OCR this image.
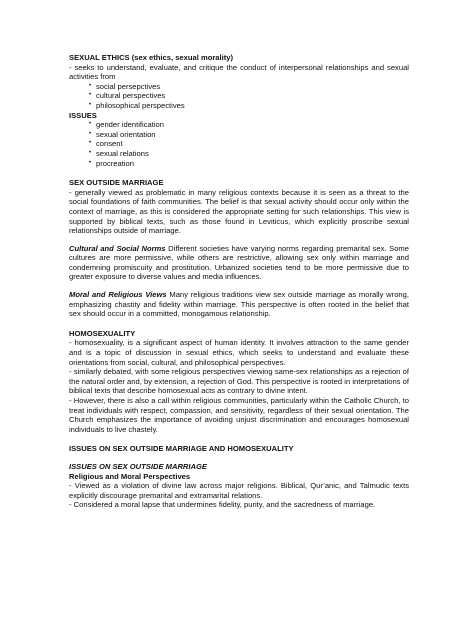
SEXUAL ETHICS (sex ethics, sexual morality)

- seeks to understand, evaluate, and critique the conduct of interpersonal relationships and sexual activities from

• social persepctives
• cultural perspectives
• philosophical perspectives

ISSUES

• gender identification
• sexual orientation
• consent
• sexual relations
• procreation

SEX OUTSIDE MARRIAGE

- generally viewed as problematic in many religious contexts because it is seen as a threat to the social foundations of faith communities. The belief is that sexual activity should occur only within the context of marriage, as this is considered the appropriate setting for such relationships. This view is supported by biblical texts, such as those found in Leviticus, which explicitly proscribe sexual relationships outside of marriage.

Cultural and Social Norms Different societies have varying norms regarding premarital sex. Some cultures are more permissive, while others are restrictive, allowing sex only within marriage and condemning promiscuity and prostitution. Urbanized societies tend to be more permissive due to greater exposure to diverse values and media influences.

Moral and Religious Views Many religious traditions view sex outside marriage as morally wrong, emphasizing chastity and fidelity within marriage. This perspective is often rooted in the belief that sex should occur in a committed, monogamous relationship.

HOMOSEXUALITY

- homosexuality, is a significant aspect of human identity. It involves attraction to the same gender and is a topic of discussion in sexual ethics, which seeks to understand and evaluate these orientations from social, cultural, and philosophical perspectives.

- similarly debated, with some religious perspectives viewing same-sex relationships as a rejection of the natural order and, by extension, a rejection of God. This perspective is rooted in interpretations of biblical texts that describe homosexual acts as contrary to divine intent.

- However, there is also a call within religious communities, particularly within the Catholic Church, to treat individuals with respect, compassion, and sensitivity, regardless of their sexual orientation. The Church emphasizes the importance of avoiding unjust discrimination and encourages homosexual individuals to live chastely.

ISSUES ON SEX OUTSIDE MARRIAGE AND HOMOSEXUALITY

ISSUES ON SEX OUTSIDE MARRIAGE

Religious and Moral Perspectives

- Viewed as a violation of divine law across major religions. Biblical, Qur’anic, and Talmudic texts explicitly discourage premarital and extramarital relations.

- Considered a moral lapse that undermines fidelity, purity, and the sacredness of marriage.
